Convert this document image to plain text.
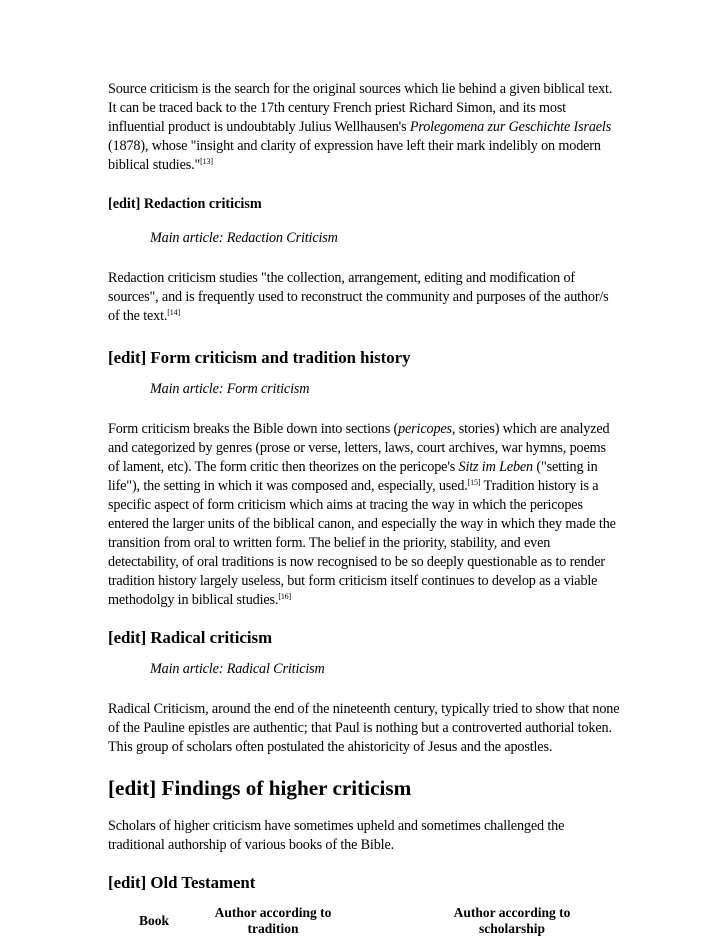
Source criticism is the search for the original sources which lie behind a given biblical text. It can be traced back to the 17th century French priest Richard Simon, and its most influential product is undoubtably Julius Wellhausen's Prolegomena zur Geschichte Israels (1878), whose "insight and clarity of expression have left their mark indelibly on modern biblical studies."[13]

[edit] Redaction criticism

Main article: Redaction Criticism

Redaction criticism studies "the collection, arrangement, editing and modification of sources", and is frequently used to reconstruct the community and purposes of the author/s of the text.[14]

[edit] Form criticism and tradition history

Main article: Form criticism

Form criticism breaks the Bible down into sections (pericopes, stories) which are analyzed and categorized by genres (prose or verse, letters, laws, court archives, war hymns, poems of lament, etc). The form critic then theorizes on the pericope's Sitz im Leben ("setting in life"), the setting in which it was composed and, especially, used.[15] Tradition history is a specific aspect of form criticism which aims at tracing the way in which the pericopes entered the larger units of the biblical canon, and especially the way in which they made the transition from oral to written form. The belief in the priority, stability, and even detectability, of oral traditions is now recognised to be so deeply questionable as to render tradition history largely useless, but form criticism itself continues to develop as a viable methodolgy in biblical studies.[16]

[edit] Radical criticism

Main article: Radical Criticism

Radical Criticism, around the end of the nineteenth century, typically tried to show that none of the Pauline epistles are authentic; that Paul is nothing but a controverted authorial token. This group of scholars often postulated the ahistoricity of Jesus and the apostles.

[edit] Findings of higher criticism

Scholars of higher criticism have sometimes upheld and sometimes challenged the traditional authorship of various books of the Bible.

[edit] Old Testament
Book	Author according to tradition		Author according to scholarship
